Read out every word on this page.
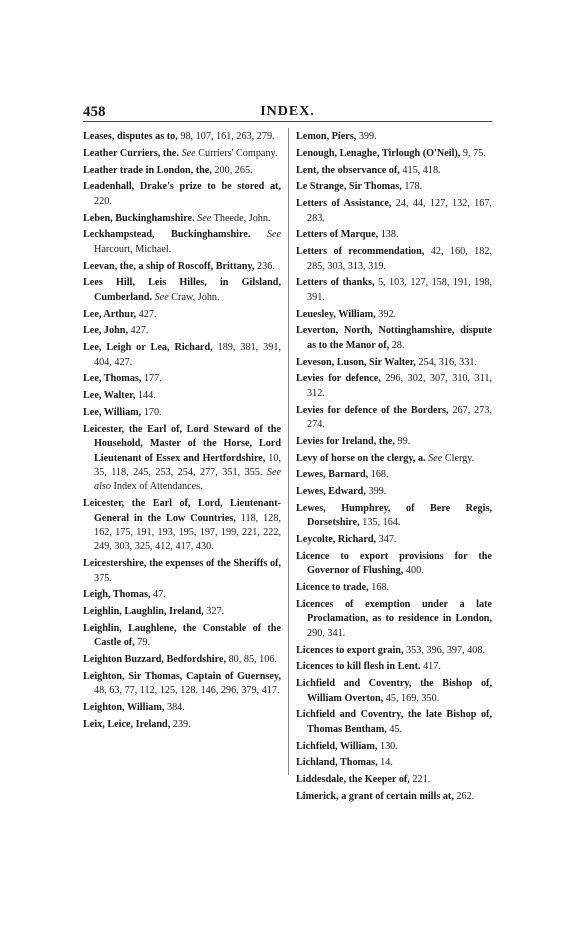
458	INDEX.

Leases, disputes as to, 98, 107, 161, 263, 279.

Leather Curriers, the. See Curriers' Company.

Leather trade in London, the, 200, 265.

Leadenhall, Drake's prize to be stored at, 220.

Leben, Buckinghamshire. See Theede, John.

Leckhampstead, Buckinghamshire. See Harcourt, Michael.

Leevan, the, a ship of Roscoff, Brittany, 236.

Lees Hill, Leis Hilles, in Gilsland, Cumberland. See Craw, John.

Lee, Arthur, 427.

Lee, John, 427.

Lee, Leigh or Lea, Richard, 189, 381, 391, 404, 427.

Lee, Thomas, 177.

Lee, Walter, 144.

Lee, William, 170.

Leicester, the Earl of, Lord Steward of the Household, Master of the Horse, Lord Lieutenant of Essex and Hertfordshire, 10, 35, 118, 245, 253, 254, 277, 351, 355. See also Index of Attendances.

Leicester, the Earl of, Lord, Lieutenant-General in the Low Countries, 118, 128, 162, 175, 191, 193, 195, 197, 199, 221, 222, 249, 303, 325, 412, 417, 430.

Leicestershire, the expenses of the Sheriffs of, 375.

Leigh, Thomas, 47.

Leighlin, Laughlin, Ireland, 327.

Leighlin, Laughlene, the Constable of the Castle of, 79.

Leighton Buzzard, Bedfordshire, 80, 85, 106.

Leighton, Sir Thomas, Captain of Guernsey, 48, 63, 77, 112, 125, 128. 146, 296, 379, 417.

Leighton, William, 384.

Leix, Leice, Ireland, 239.

Lemon, Piers, 399.

Lenough, Lenaghe, Tirlough (O'Neil), 9, 75.

Lent, the observance of, 415, 418.

Le Strange, Sir Thomas, 178.

Letters of Assistance, 24, 44, 127, 132, 167, 283.

Letters of Marque, 138.

Letters of recommendation, 42, 160, 182, 285, 303, 313, 319.

Letters of thanks, 5, 103, 127, 158, 191, 198, 391.

Leuesley, William, 392.

Leverton, North, Nottinghamshire, dispute as to the Manor of, 28.

Leveson, Luson, Sir Walter, 254, 316, 331.

Levies for defence, 296, 302, 307, 310, 311, 312.

Levies for defence of the Borders, 267, 273, 274.

Levies for Ireland, the, 99.

Levy of horse on the clergy, a. See Clergy.

Lewes, Barnard, 168.

Lewes, Edward, 399.

Lewes, Humphrey, of Bere Regis, Dorsetshire, 135, 164.

Leycolte, Richard, 347.

Licence to export provisions for the Governor of Flushing, 400.

Licence to trade, 168.

Licences of exemption under a late Proclamation, as to residence in London, 290, 341.

Licences to export grain, 353, 396, 397, 408.

Licences to kill flesh in Lent. 417.

Lichfield and Coventry, the Bishop of, William Overton, 45, 169, 350.

Lichfield and Coventry, the late Bishop of, Thomas Bentham, 45.

Lichfield, William, 130.

Lichland, Thomas, 14.

Liddesdale, the Keeper of, 221.

Limerick, a grant of certain mills at, 262.
